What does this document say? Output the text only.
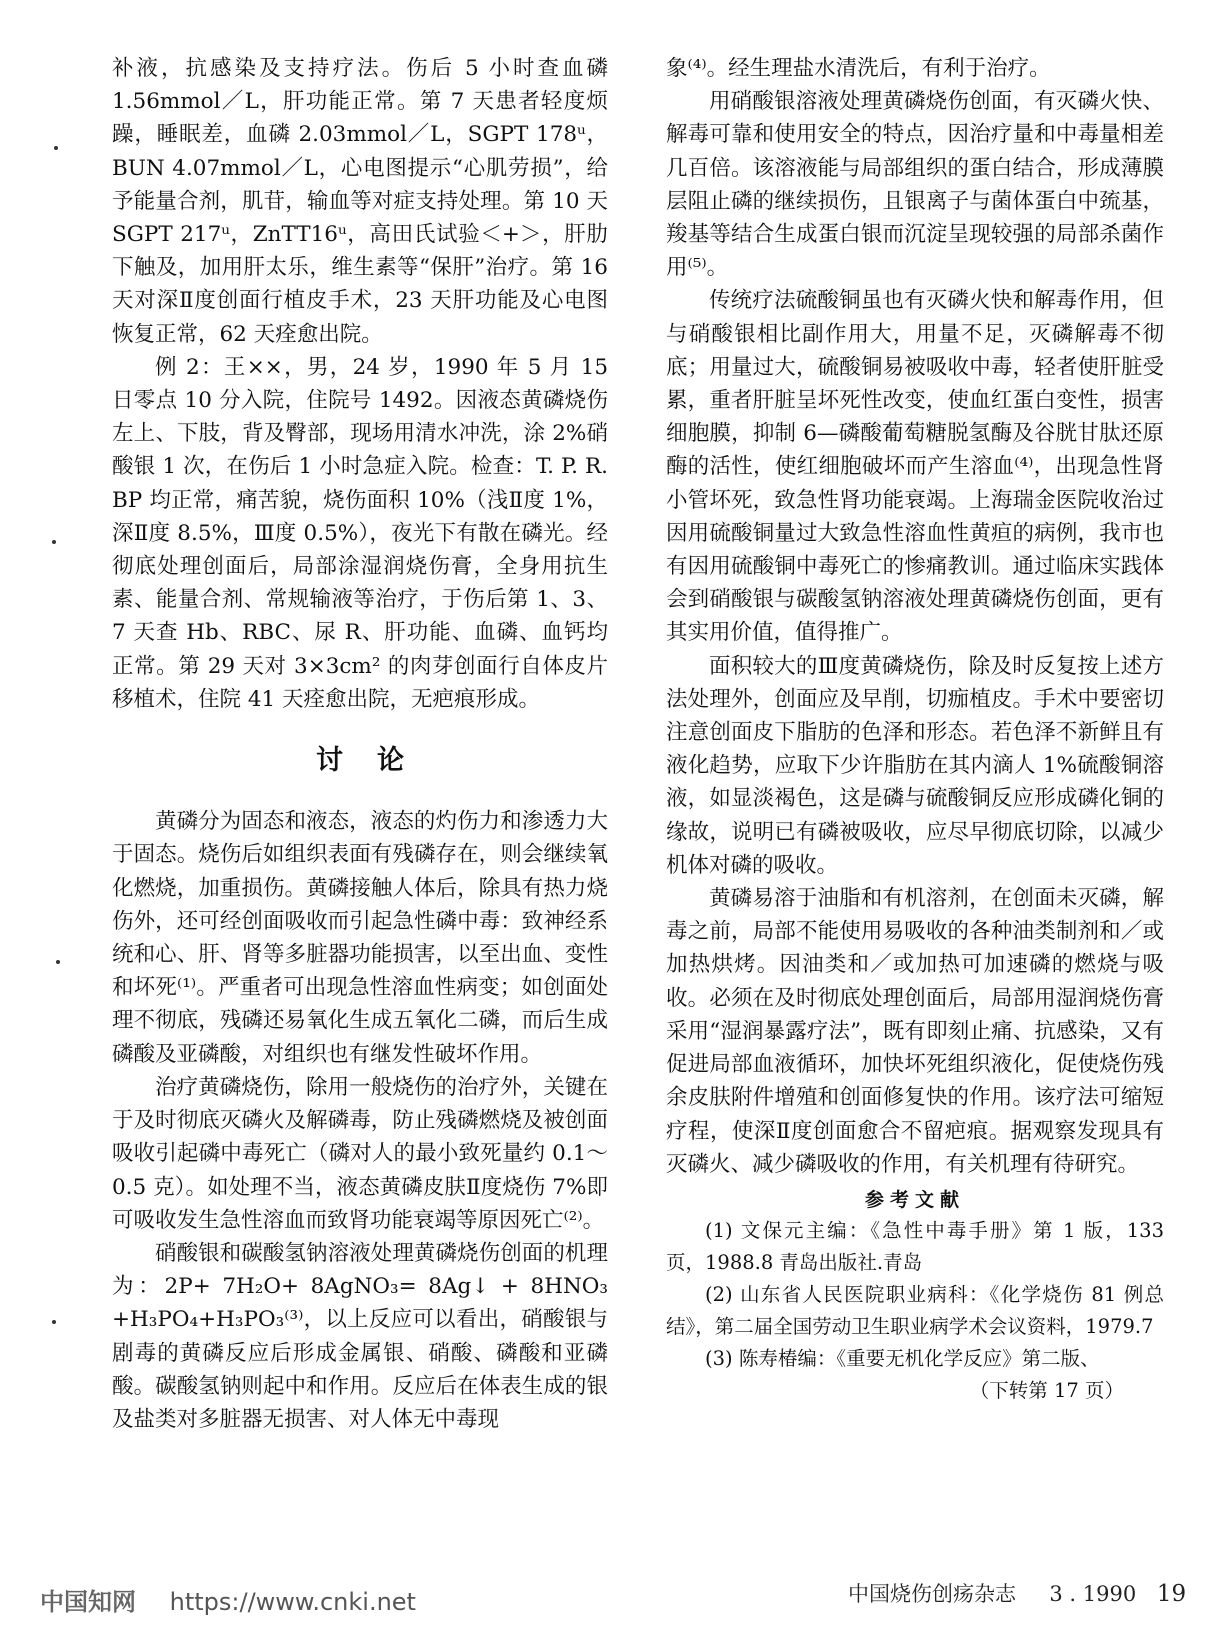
补液，抗感染及支持疗法。伤后 5 小时查血磷 1.56mmol／L，肝功能正常。第 7 天患者轻度烦躁，睡眠差，血磷 2.03mmol／L，SGPT 178ᵘ，BUN 4.07mmol／L，心电图提示“心肌劳损”，给予能量合剂，肌苷，输血等对症支持处理。第 10 天 SGPT 217ᵘ，ZnTT16ᵘ，高田氏试验＜+＞，肝肋下触及，加用肝太乐，维生素等“保肝”治疗。第 16 天对深Ⅱ度创面行植皮手术，23 天肝功能及心电图恢复正常，62 天痊愈出院。

例 2：王××，男，24 岁，1990 年 5 月 15 日零点 10 分入院，住院号 1492。因液态黄磷烧伤左上、下肢，背及臀部，现场用清水冲洗，涂 2%硝酸银 1 次，在伤后 1 小时急症入院。检查：T. P. R. BP 均正常，痛苦貌，烧伤面积 10%（浅Ⅱ度 1%，深Ⅱ度 8.5%，Ⅲ度 0.5%），夜光下有散在磷光。经彻底处理创面后，局部涂湿润烧伤膏，全身用抗生素、能量合剂、常规输液等治疗，于伤后第 1、3、7 天查 Hb、RBC、尿 R、肝功能、血磷、血钙均正常。第 29 天对 3×3cm² 的肉芽创面行自体皮片移植术，住院 41 天痊愈出院，无疤痕形成。

讨论

黄磷分为固态和液态，液态的灼伤力和渗透力大于固态。烧伤后如组织表面有残磷存在，则会继续氧化燃烧，加重损伤。黄磷接触人体后，除具有热力烧伤外，还可经创面吸收而引起急性磷中毒：致神经系统和心、肝、肾等多脏器功能损害，以至出血、变性和坏死⁽¹⁾。严重者可出现急性溶血性病变；如创面处理不彻底，残磷还易氧化生成五氧化二磷，而后生成磷酸及亚磷酸，对组织也有继发性破坏作用。

治疗黄磷烧伤，除用一般烧伤的治疗外，关键在于及时彻底灭磷火及解磷毒，防止残磷燃烧及被创面吸收引起磷中毒死亡（磷对人的最小致死量约 0.1～0.5 克）。如处理不当，液态黄磷皮肤Ⅱ度烧伤 7%即可吸收发生急性溶血而致肾功能衰竭等原因死亡⁽²⁾。

硝酸银和碳酸氢钠溶液处理黄磷烧伤创面的机理为：2P+ 7H₂O+ 8AgNO₃= 8Ag↓ + 8HNO₃ +H₃PO₄+H₃PO₃⁽³⁾，以上反应可以看出，硝酸银与剧毒的黄磷反应后形成金属银、硝酸、磷酸和亚磷酸。碳酸氢钠则起中和作用。反应后在体表生成的银及盐类对多脏器无损害、对人体无中毒现

象⁽⁴⁾。经生理盐水清洗后，有利于治疗。

用硝酸银溶液处理黄磷烧伤创面，有灭磷火快、解毒可靠和使用安全的特点，因治疗量和中毒量相差几百倍。该溶液能与局部组织的蛋白结合，形成薄膜层阻止磷的继续损伤，且银离子与菌体蛋白中巯基，羧基等结合生成蛋白银而沉淀呈现较强的局部杀菌作用⁽⁵⁾。

传统疗法硫酸铜虽也有灭磷火快和解毒作用，但与硝酸银相比副作用大，用量不足，灭磷解毒不彻底；用量过大，硫酸铜易被吸收中毒，轻者使肝脏受累，重者肝脏呈坏死性改变，使血红蛋白变性，损害细胞膜，抑制 6—磷酸葡萄糖脱氢酶及谷胱甘肽还原酶的活性，使红细胞破坏而产生溶血⁽⁴⁾，出现急性肾小管坏死，致急性肾功能衰竭。上海瑞金医院收治过因用硫酸铜量过大致急性溶血性黄疸的病例，我市也有因用硫酸铜中毒死亡的惨痛教训。通过临床实践体会到硝酸银与碳酸氢钠溶液处理黄磷烧伤创面，更有其实用价值，值得推广。

面积较大的Ⅲ度黄磷烧伤，除及时反复按上述方法处理外，创面应及早削，切痂植皮。手术中要密切注意创面皮下脂肪的色泽和形态。若色泽不新鲜且有液化趋势，应取下少许脂肪在其内滴人 1%硫酸铜溶液，如显淡褐色，这是磷与硫酸铜反应形成磷化铜的缘故，说明已有磷被吸收，应尽早彻底切除，以减少机体对磷的吸收。

黄磷易溶于油脂和有机溶剂，在创面未灭磷，解毒之前，局部不能使用易吸收的各种油类制剂和／或加热烘烤。因油类和／或加热可加速磷的燃烧与吸收。必须在及时彻底处理创面后，局部用湿润烧伤膏采用“湿润暴露疗法”，既有即刻止痛、抗感染，又有促进局部血液循环，加快坏死组织液化，促使烧伤残余皮肤附件增殖和创面修复快的作用。该疗法可缩短疗程，使深Ⅱ度创面愈合不留疤痕。据观察发现具有灭磷火、减少磷吸收的作用，有关机理有待研究。

参考文献

(1) 文保元主编：《急性中毒手册》第 1 版，133 页，1988.8 青岛出版社.青岛

(2) 山东省人民医院职业病科：《化学烧伤 81 例总结》，第二届全国劳动卫生职业病学术会议资料，1979.7

(3) 陈寿椿编：《重要无机化学反应》第二版、

（下转第 17 页）
中国知网 https://www.cnki.net	中国烧伤创疡杂志 3 . 1990 19
